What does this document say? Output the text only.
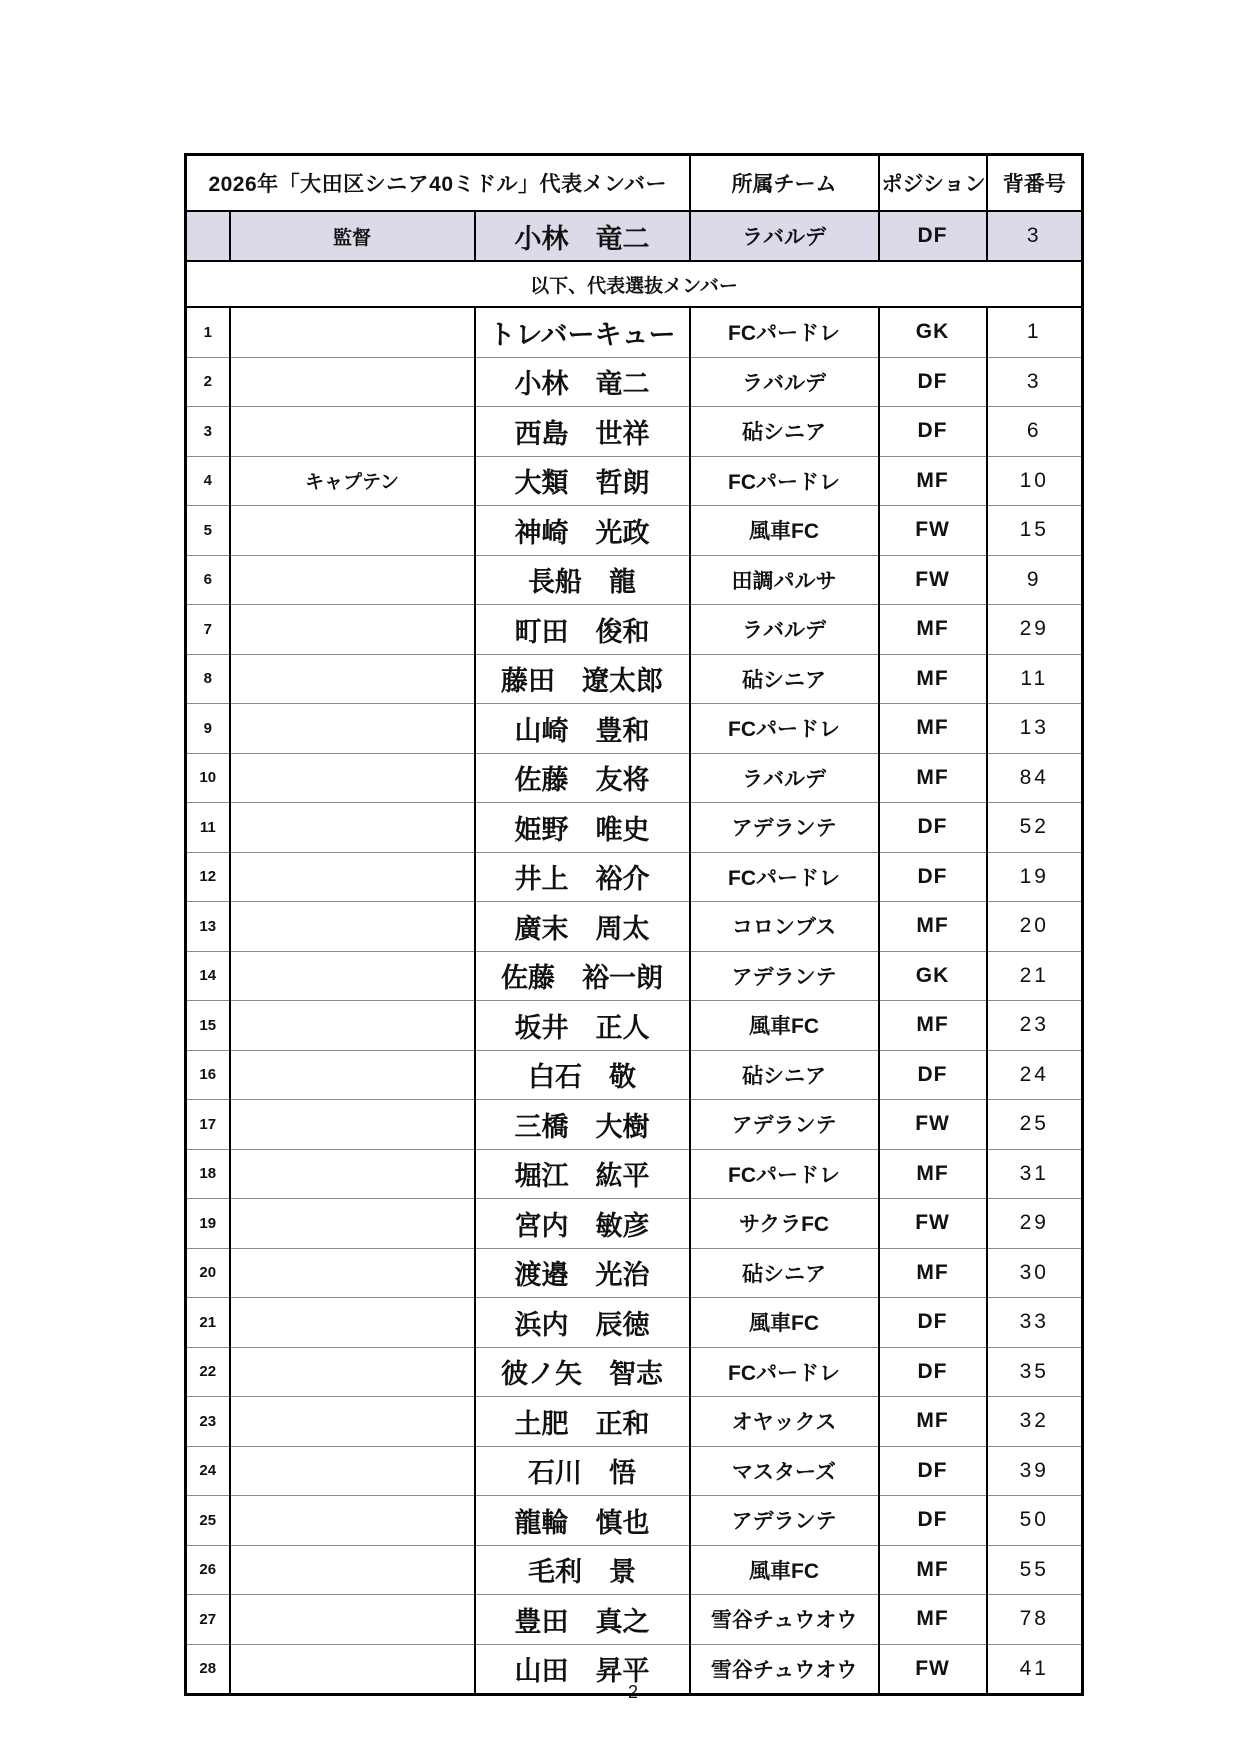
2026年「大田区シニア40ミドル」代表メンバー			所属チーム	ポジション	背番号
	監督	小林　竜二	ラバルデ	DF	3
以下、代表選抜メンバー					
1		トレバーキュー	FCパードレ	GK	1
2		小林　竜二	ラバルデ	DF	3
3		西島　世祥	砧シニア	DF	6
4	キャプテン	大類　哲朗	FCパードレ	MF	10
5		神崎　光政	風車FC	FW	15
6		長船　龍	田調パルサ	FW	9
7		町田　俊和	ラバルデ	MF	29
8		藤田　遼太郎	砧シニア	MF	11
9		山崎　豊和	FCパードレ	MF	13
10		佐藤　友将	ラバルデ	MF	84
11		姫野　唯史	アデランテ	DF	52
12		井上　裕介	FCパードレ	DF	19
13		廣末　周太	コロンブス	MF	20
14		佐藤　裕一朗	アデランテ	GK	21
15		坂井　正人	風車FC	MF	23
16		白石　敬	砧シニア	DF	24
17		三橋　大樹	アデランテ	FW	25
18		堀江　紘平	FCパードレ	MF	31
19		宮内　敏彦	サクラFC	FW	29
20		渡邉　光治	砧シニア	MF	30
21		浜内　辰徳	風車FC	DF	33
22		彼ノ矢　智志	FCパードレ	DF	35
23		土肥　正和	オヤックス	MF	32
24		石川　悟	マスターズ	DF	39
25		龍輪　慎也	アデランテ	DF	50
26		毛利　景	風車FC	MF	55
27		豊田　真之	雪谷チュウオウ	MF	78
28		山田　昇平	雪谷チュウオウ	FW	41
2
